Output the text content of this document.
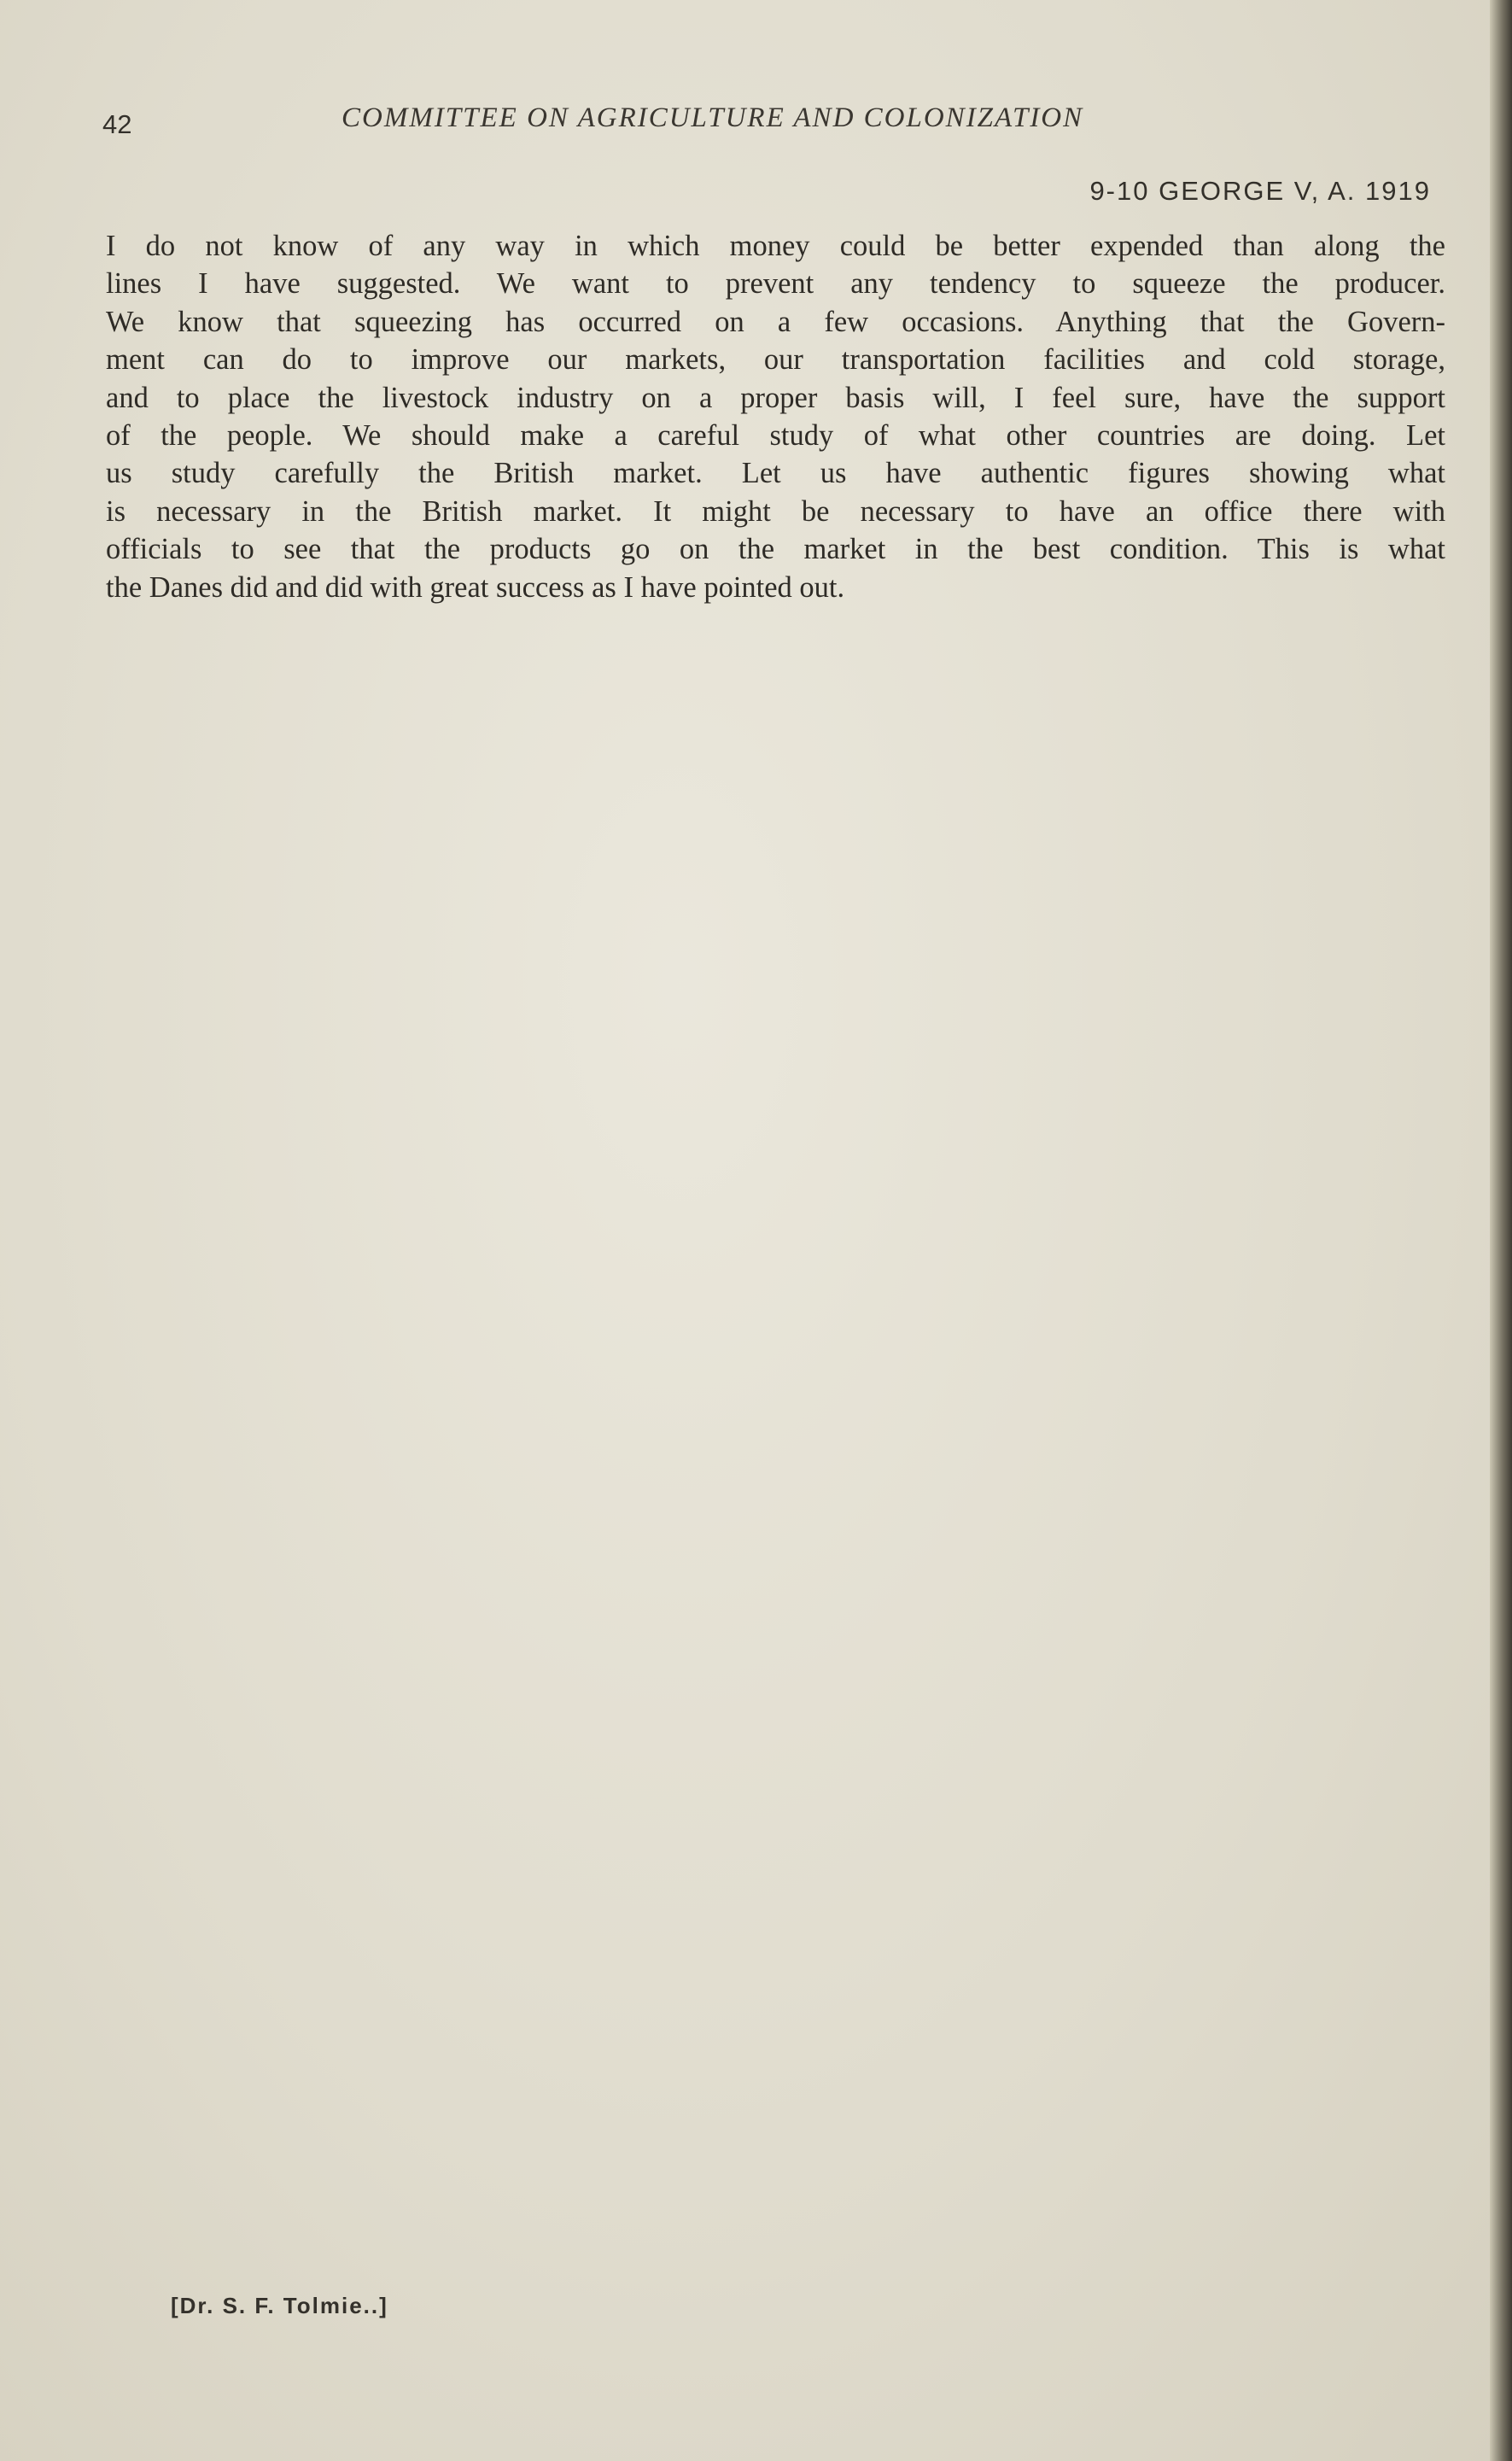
42	COMMITTEE ON AGRICULTURE AND COLONIZATION
9-10 GEORGE V, A. 1919
I do not know of any way in which money could be better expended than along the
lines I have suggested. We want to prevent any tendency to squeeze the producer.
We know that squeezing has occurred on a few occasions. Anything that the Govern-
ment can do to improve our markets, our transportation facilities and cold storage,
and to place the livestock industry on a proper basis will, I feel sure, have the support
of the people. We should make a careful study of what other countries are doing. Let
us study carefully the British market. Let us have authentic figures showing what
is necessary in the British market. It might be necessary to have an office there with
officials to see that the products go on the market in the best condition. This is what
the Danes did and did with great success as I have pointed out.
[Dr. S. F. Tolmie..]
